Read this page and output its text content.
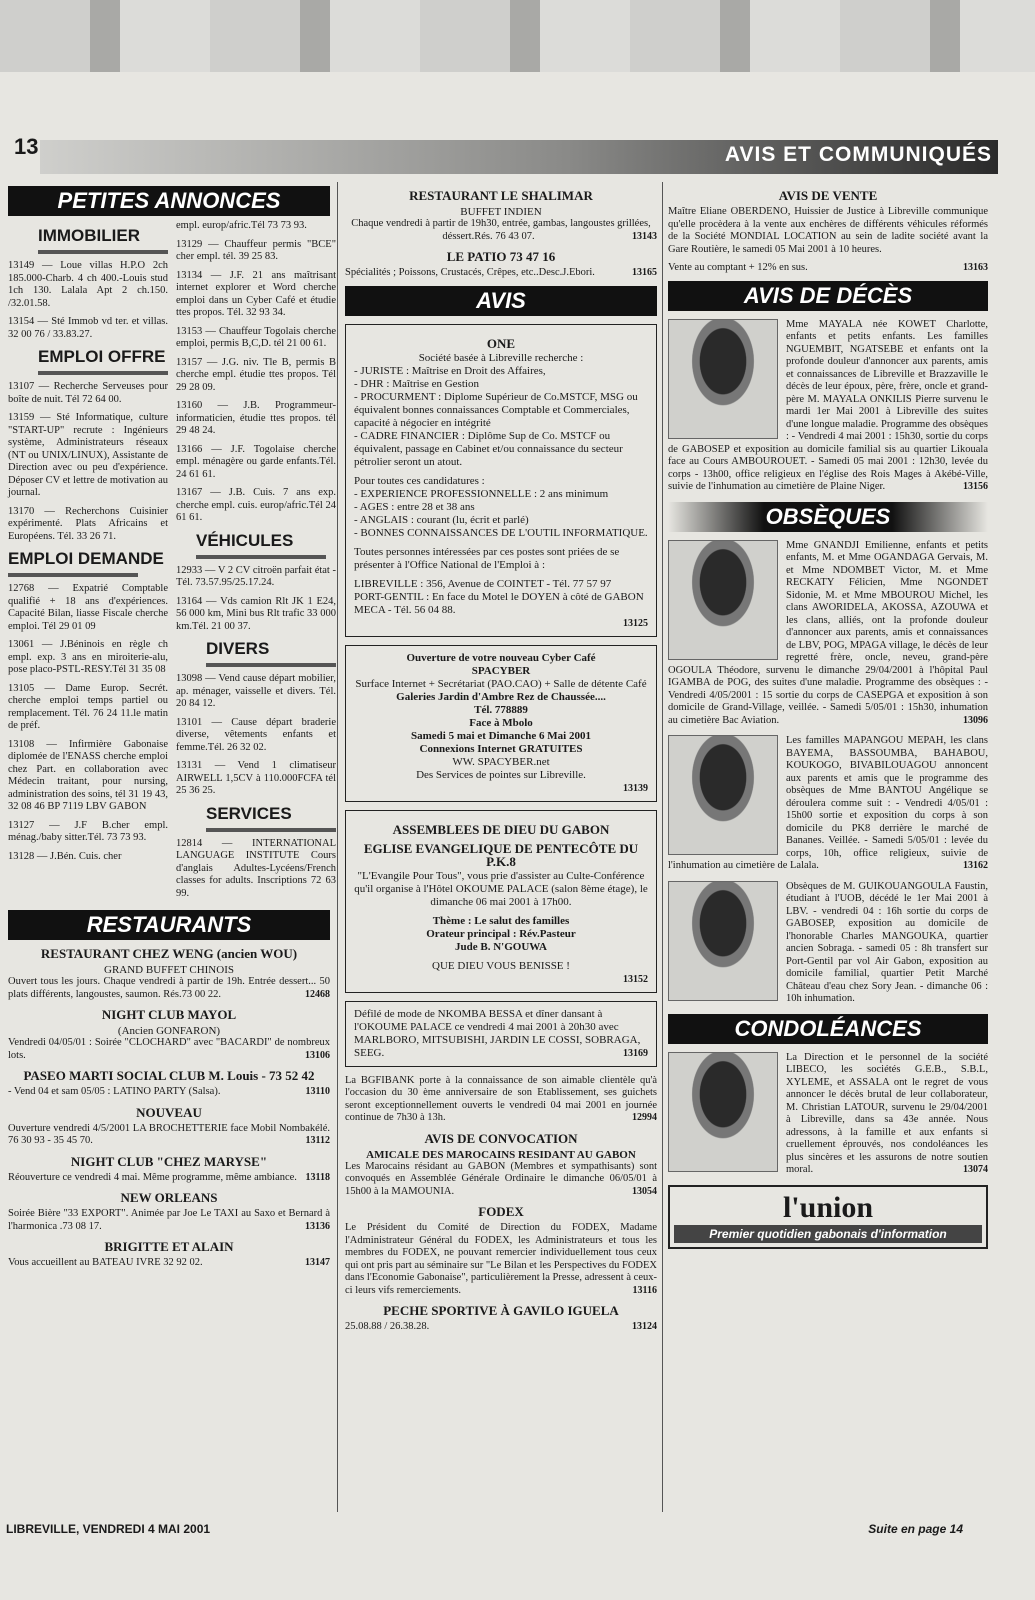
13	AVIS ET COMMUNIQUÉS
PETITES ANNONCES
IMMOBILIER
13149 — Loue villas H.P.O 2ch 185.000-Charb. 4 ch 400.-Louis stud 1ch 130. Lalala Apt 2 ch.150. /32.01.58.
13154 — Sté Immob vd ter. et villas. 32 00 76 / 33.83.27.
EMPLOI OFFRE
13107 — Recherche Serveuses pour boîte de nuit. Tél 72 64 00.
13159 — Sté Informatique, culture "START-UP" recrute : Ingénieurs système, Administrateurs réseaux (NT ou UNIX/LINUX), Assistante de Direction avec ou peu d'expérience. Déposer CV et lettre de motivation au journal.
13170 — Recherchons Cuisinier expérimenté. Plats Africains et Européens. Tél. 33 26 71.
EMPLOI DEMANDE
12768 — Expatrié Comptable qualifié + 18 ans d'expériences. Capacité Bilan, liasse Fiscale cherche emploi. Tél 29 01 09
13061 — J.Béninois en règle ch empl. exp. 3 ans en miroiterie-alu, pose placo-PSTL-RESY.Tél 31 35 08
13105 — Dame Europ. Secrét. cherche emploi temps partiel ou remplacement. Tél. 76 24 11.le matin de préf.
13108 — Infirmière Gabonaise diplomée de l'ENASS cherche emploi chez Part. en collaboration avec Médecin traitant, pour nursing, administration des soins, tél 31 19 43, 32 08 46 BP 7119 LBV GABON
13127 — J.F B.cher empl. ménag./baby sitter.Tél. 73 73 93.
13128 — J.Bén. Cuis. cher
empl. europ/afric.Tél 73 73 93.
13129 — Chauffeur permis "BCE" cher empl. tél. 39 25 83.
13134 — J.F. 21 ans maîtrisant internet explorer et Word cherche emploi dans un Cyber Café et étudie ttes propos. Tél. 32 93 34.
13153 — Chauffeur Togolais cherche emploi, permis B,C,D. tél 21 00 61.
13157 — J.G. niv. Tle B, permis B cherche empl. étudie ttes propos. Tél 29 28 09.
13160 — J.B. Programmeur-informaticien, étudie ttes propos. tél 29 48 24.
13166 — J.F. Togolaise cherche empl. ménagère ou garde enfants.Tél. 24 61 61.
13167 — J.B. Cuis. 7 ans exp. cherche empl. cuis. europ/afric.Tél 24 61 61.
VÉHICULES
12933 — V 2 CV citroën parfait état - Tél. 73.57.95/25.17.24.
13164 — Vds camion Rlt JK 1 E24, 56 000 km, Mini bus Rlt trafic 33 000 km.Tél. 21 00 37.
DIVERS
13098 — Vend cause départ mobilier, ap. ménager, vaisselle et divers. Tél. 20 84 12.
13101 — Cause départ braderie diverse, vêtements enfants et femme.Tél. 26 32 02.
13131 — Vend 1 climatiseur AIRWELL 1,5CV à 110.000FCFA tél 25 36 25.
SERVICES
12814 — INTERNATIONAL LANGUAGE INSTITUTE Cours d'anglais Adultes-Lycéens/French classes for adults. Inscriptions 72 63 99.
RESTAURANTS
RESTAURANT CHEZ WENG (ancien WOU)
GRAND BUFFET CHINOIS
Ouvert tous les jours. Chaque vendredi à partir de 19h. Entrée dessert... 50 plats différents, langoustes, saumon. Rés.73 00 22.	12468
NIGHT CLUB MAYOL
(Ancien GONFARON)
Vendredi 04/05/01 : Soirée "CLOCHARD" avec "BACARDI" de nombreux lots.	13106
PASEO MARTI SOCIAL CLUB M. Louis - 73 52 42
- Vend 04 et sam 05/05 : LATINO PARTY (Salsa).	13110
NOUVEAU
Ouverture vendredi 4/5/2001 LA BROCHETTERIE face Mobil Nombakélé. 76 30 93 - 35 45 70.	13112
NIGHT CLUB "CHEZ MARYSE"
Réouverture ce vendredi 4 mai. Même programme, même ambiance. 13118
NEW ORLEANS
Soirée Bière "33 EXPORT". Animée par Joe Le TAXI au Saxo et Bernard à l'harmonica .73 08 17.	13136
BRIGITTE ET ALAIN
Vous accueillent au BATEAU IVRE 32 92 02.	13147
RESTAURANT LE SHALIMAR
BUFFET INDIEN
Chaque vendredi à partir de 19h30, entrée, gambas, langoustes grillées, déssert.Rés. 76 43 07.	13143
LE PATIO 73 47 16
Spécialités ; Poissons, Crustacés, Crêpes, etc..Desc.J.Ebori.	13165
AVIS
ONE
Société basée à Libreville recherche :
- JURISTE : Maîtrise en Droit des Affaires,
- DHR : Maîtrise en Gestion
- PROCURMENT : Diplome Supérieur de Co.MSTCF, MSG ou équivalent bonnes connaissances Comptable et Commerciales, capacité à négocier en intégrité
- CADRE FINANCIER : Diplôme Sup de Co. MSTCF ou équivalent, passage en Cabinet et/ou connaissance du secteur pétrolier seront un atout.
Pour toutes ces candidatures :
- EXPERIENCE PROFESSIONNELLE : 2 ans minimum
- AGES : entre 28 et 38 ans
- ANGLAIS : courant (lu, écrit et parlé)
- BONNES CONNAISSANCES DE L'OUTIL INFORMATIQUE.
Toutes personnes intéressées par ces postes sont priées de se présenter à l'Office National de l'Emploi à :
LIBREVILLE : 356, Avenue de COINTET - Tél. 77 57 97
PORT-GENTIL : En face du Motel le DOYEN à côté de GABON MECA - Tél. 56 04 88.
13125
Ouverture de votre nouveau Cyber Café
SPACYBER
Surface Internet + Secrétariat (PAO.CAO) + Salle de détente Café
Galeries Jardin d'Ambre Rez de Chaussée....
Tél. 778889
Face à Mbolo
Samedi 5 mai et Dimanche 6 Mai 2001
Connexions Internet GRATUITES
WW. SPACYBER.net
Des Services de pointes sur Libreville.
13139
ASSEMBLEES DE DIEU DU GABON
EGLISE EVANGELIQUE DE PENTECÔTE DU P.K.8
"L'Evangile Pour Tous", vous prie d'assister au Culte-Conférence qu'il organise à l'Hôtel OKOUME PALACE (salon 8ème étage), le dimanche 06 mai 2001 à 17h00.
Thème : Le salut des familles
Orateur principal : Rév.Pasteur
Jude B. N'GOUWA
QUE DIEU VOUS BENISSE !
13152
Défilé de mode de NKOMBA BESSA et dîner dansant à l'OKOUME PALACE ce vendredi 4 mai 2001 à 20h30 avec MARLBORO, MITSUBISHI, JARDIN LE COSSI, SOBRAGA, SEEG.	13169
La BGFIBANK porte à la connaissance de son aimable clientèle qu'à l'occasion du 30 ème anniversaire de son Etablissement, ses guichets seront exceptionnellement ouverts le vendredi 04 mai 2001 en journée continue de 7h30 à 13h.	12994
AVIS DE CONVOCATION
AMICALE DES MAROCAINS RESIDANT AU GABON
Les Marocains résidant au GABON (Membres et sympathisants) sont convoqués en Assemblée Générale Ordinaire le dimanche 06/05/01 à 15h00 à la MAMOUNIA.	13054
FODEX
Le Président du Comité de Direction du FODEX, Madame l'Administrateur Général du FODEX, les Administrateurs et tous les membres du FODEX, ne pouvant remercier individuellement tous ceux qui ont pris part au séminaire sur "Le Bilan et les Perspectives du FODEX dans l'Economie Gabonaise", particulièrement la Presse, adressent à ceux-ci leurs vifs remerciements.	13116
PECHE SPORTIVE À GAVILO IGUELA
25.08.88 / 26.38.28.	13124
AVIS DE VENTE
Maître Eliane OBERDENO, Huissier de Justice à Libreville communique qu'elle procèdera à la vente aux enchères de différents véhicules réformés de la Société MONDIAL LOCATION au sein de ladite société avant la Gare Routière, le samedi 05 Mai 2001 à 10 heures.
Vente au comptant + 12% en sus.	13163
AVIS DE DÉCÈS
Mme MAYALA née KOWET Charlotte, enfants et petits enfants. Les familles NGUEMBIT, NGATSEBE et enfants ont la profonde douleur d'annoncer aux parents, amis et connaissances de Libreville et Brazzaville le décès de leur époux, père, frère, oncle et grand-père M. MAYALA ONKILIS Pierre survenu le mardi 1er Mai 2001 à Libreville des suites d'une longue maladie. Programme des obsèques : - Vendredi 4 mai 2001 : 15h30, sortie du corps de GABOSEP et exposition au domicile familial sis au quartier Likouala face au Cours AMBOUROUET. - Samedi 05 mai 2001 : 12h30, levée du corps - 13h00, office religieux en l'église des Rois Mages à Akébé-Ville, suivie de l'inhumation au cimetière de Plaine Niger.	13156
OBSÈQUES
Mme GNANDJI Emilienne, enfants et petits enfants, M. et Mme OGANDAGA Gervais, M. et Mme NDOMBET Victor, M. et Mme RECKATY Félicien, Mme NGONDET Sidonie, M. et Mme MBOUROU Michel, les clans AWORIDELA, AKOSSA, AZOUWA et les clans, alliés, ont la profonde douleur d'annoncer aux parents, amis et connaissances de LBV, POG, MPAGA village, le décès de leur regretté frère, oncle, neveu, grand-père OGOULA Théodore, survenu le dimanche 29/04/2001 à l'hôpital Paul IGAMBA de POG, des suites d'une maladie. Programme des obsèques : - Vendredi 4/05/2001 : 15 sortie du corps de CASEPGA et exposition à son domicile de Grand-Village, veillée. - Samedi 5/05/01 : 15h30, inhumation au cimetière Bac Aviation.	13096
Les familles MAPANGOU MEPAH, les clans BAYEMA, BASSOUMBA, BAHABOU, KOUKOGO, BIVABILOUAGOU annoncent aux parents et amis que le programme des obsèques de Mme BANTOU Angélique se déroulera comme suit : - Vendredi 4/05/01 : 15h00 sortie et exposition du corps à son domicile du PK8 derrière le marché de Bananes. Veillée. - Samedi 5/05/01 : levée du corps, 10h, office religieux, suivie de l'inhumation au cimetière de Lalala.	13162
Obsèques de M. GUIKOUANGOULA Faustin, étudiant à l'UOB, décédé le 1er Mai 2001 à LBV. - vendredi 04 : 16h sortie du corps de GABOSEP, exposition au domicile de l'honorable Charles MANGOUKA, quartier ancien Sobraga. - samedi 05 : 8h transfert sur Port-Gentil par vol Air Gabon, exposition au domicile familial, quartier Petit Marché Château d'eau chez Sory Jean. - dimanche 06 : 10h inhumation.
CONDOLÉANCES
La Direction et le personnel de la société LIBECO, les sociétés G.E.B., S.B.L, XYLEME, et ASSALA ont le regret de vous annoncer le décès brutal de leur collaborateur, M. Christian LATOUR, survenu le 29/04/2001 à Libreville, dans sa 43e année. Nous adressons, à la famille et aux enfants si cruellement éprouvés, nos condoléances les plus sincères et les assurons de notre soutien moral.	13074
l'union
Premier quotidien gabonais d'information
LIBREVILLE, VENDREDI 4 MAI 2001	Suite en page 14
